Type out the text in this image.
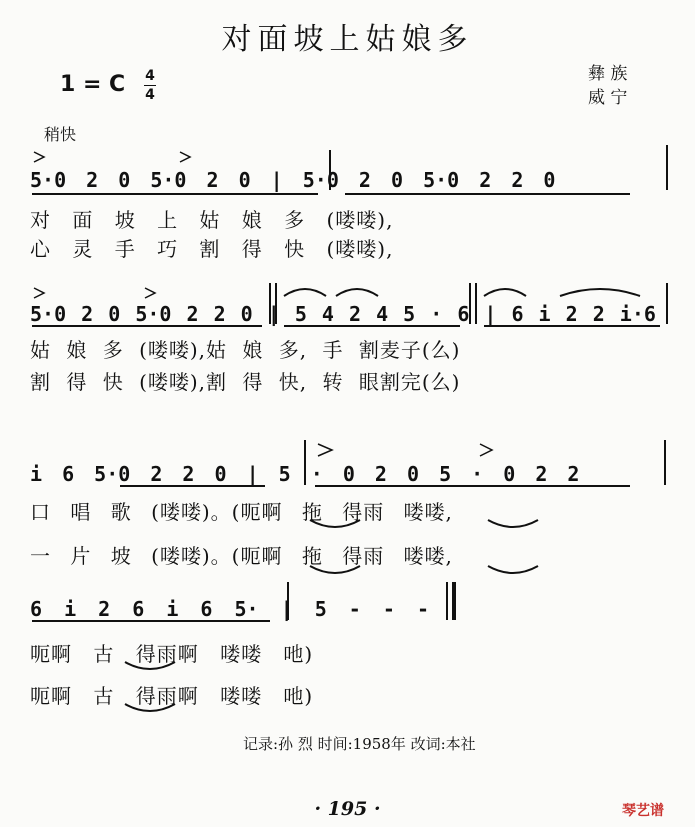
对面坡上姑娘多
1 = C 4
4
彝 族
威 宁
稍快
5·0 2 0 5·0 2 0 | 5·0 2 0 5·0 2 2 0
对 面 坡 上 姑 娘 多 (喽喽),
心 灵 手 巧 割 得 快 (喽喽),
5·0 2 0 5·0 2 2 0 | 5 4 2 4 5 · 6 | 6 i 2 2 i·6
姑 娘 多 (喽喽),姑 娘 多, 手 割麦子(么)
割 得 快 (喽喽),割 得 快, 转 眼割完(么)
i 6 5·0 2 2 0 | 5 · 0 2 0 5 · 0 2 2
口 唱 歌 (喽喽)。(呃啊 拖 得雨 喽喽,
一 片 坡 (喽喽)。(呃啊 拖 得雨 喽喽,
6 i 2 6 i 6 5· | 5 - - -
呃啊 古 得雨啊 喽喽 吔)
呃啊 古 得雨啊 喽喽 吔)
记录:孙 烈 时间:1958年 改词:本社
· 195 ·	琴艺谱
